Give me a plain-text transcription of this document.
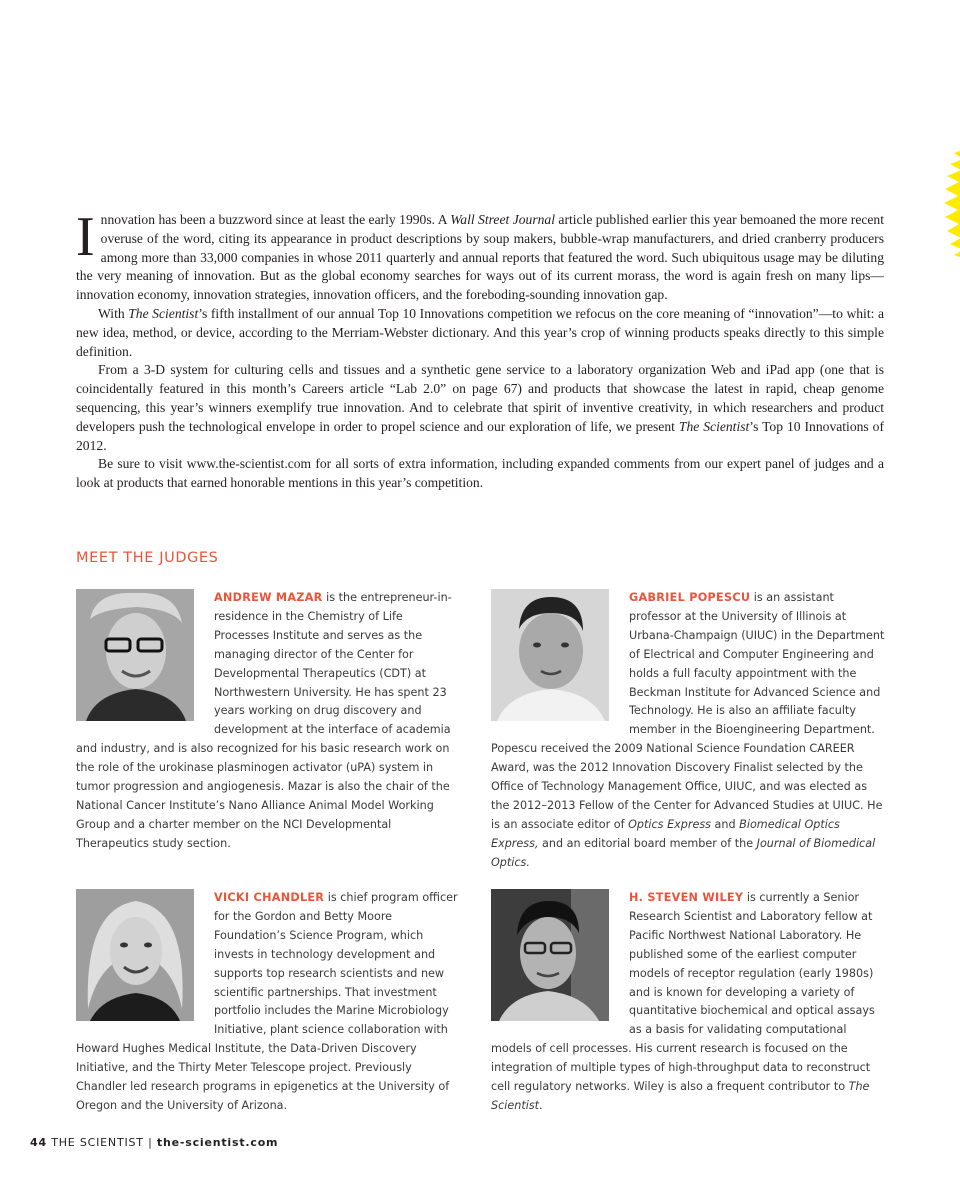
Innovation has been a buzzword since at least the early 1990s. A Wall Street Journal article published earlier this year bemoaned the more recent overuse of the word, citing its appearance in product descriptions by soup makers, bubble-wrap manufacturers, and dried cranberry producers among more than 33,000 companies in whose 2011 quarterly and annual reports that featured the word. Such ubiquitous usage may be diluting the very meaning of innovation. But as the global economy searches for ways out of its current morass, the word is again fresh on many lips—innovation economy, innovation strategies, innovation officers, and the foreboding-sounding innovation gap.

With The Scientist’s fifth installment of our annual Top 10 Innovations competition we refocus on the core meaning of “innovation”—to whit: a new idea, method, or device, according to the Merriam-Webster dictionary. And this year’s crop of winning products speaks directly to this simple definition.

From a 3-D system for culturing cells and tissues and a synthetic gene service to a laboratory organization Web and iPad app (one that is coincidentally featured in this month’s Careers article “Lab 2.0” on page 67) and products that showcase the latest in rapid, cheap genome sequencing, this year’s winners exemplify true innovation. And to celebrate that spirit of inventive creativity, in which researchers and product developers push the technological envelope in order to propel science and our exploration of life, we present The Scientist’s Top 10 Innovations of 2012.

Be sure to visit www.the-scientist.com for all sorts of extra information, including expanded comments from our expert panel of judges and a look at products that earned honorable mentions in this year’s competition.

MEET THE JUDGES

ANDREW MAZAR is the entrepreneur-in-residence in the Chemistry of Life Processes Institute and serves as the managing director of the Center for Developmental Therapeutics (CDT) at Northwestern University. He has spent 23 years working on drug discovery and development at the interface of academia and industry, and is also recognized for his basic research work on the role of the urokinase plasminogen activator (uPA) system in tumor progression and angiogenesis. Mazar is also the chair of the National Cancer Institute’s Nano Alliance Animal Model Working Group and a charter member on the NCI Developmental Therapeutics study section.

GABRIEL POPESCU is an assistant professor at the University of Illinois at Urbana-Champaign (UIUC) in the Department of Electrical and Computer Engineering and holds a full faculty appointment with the Beckman Institute for Advanced Science and Technology. He is also an affiliate faculty member in the Bioengineering Department. Popescu received the 2009 National Science Foundation CAREER Award, was the 2012 Innovation Discovery Finalist selected by the Office of Technology Management Office, UIUC, and was elected as the 2012–2013 Fellow of the Center for Advanced Studies at UIUC. He is an associate editor of Optics Express and Biomedical Optics Express, and an editorial board member of the Journal of Biomedical Optics.

VICKI CHANDLER is chief program officer for the Gordon and Betty Moore Foundation’s Science Program, which invests in technology development and supports top research scientists and new scientific partnerships. That investment portfolio includes the Marine Microbiology Initiative, plant science collaboration with Howard Hughes Medical Institute, the Data-Driven Discovery Initiative, and the Thirty Meter Telescope project. Previously Chandler led research programs in epigenetics at the University of Oregon and the University of Arizona.

H. STEVEN WILEY is currently a Senior Research Scientist and Laboratory fellow at Pacific Northwest National Laboratory. He published some of the earliest computer models of receptor regulation (early 1980s) and is known for developing a variety of quantitative biochemical and optical assays as a basis for validating computational models of cell processes. His current research is focused on the integration of multiple types of high-throughput data to reconstruct cell regulatory networks. Wiley is also a frequent contributor to The Scientist.

44 THE SCIENTIST | the-scientist.com
